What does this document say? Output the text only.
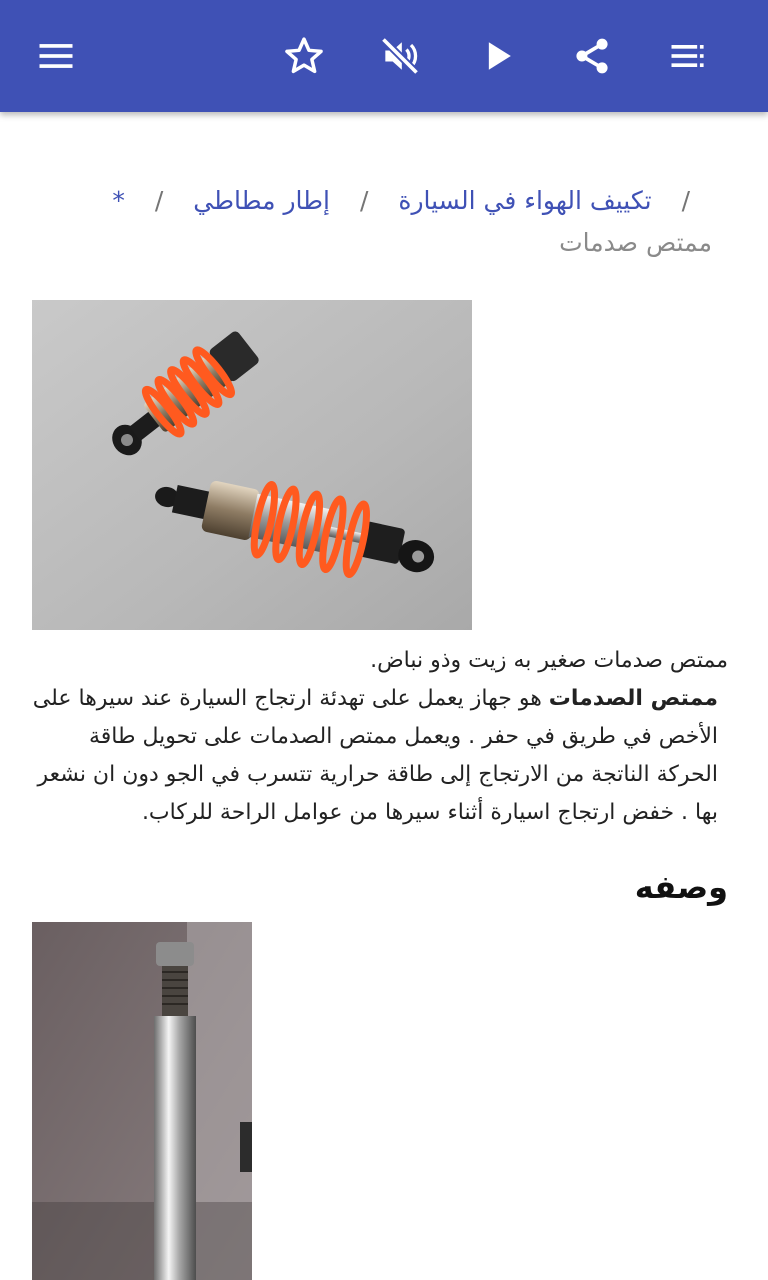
/ تكييف الهواء في السيارة / إطار مطاطي / *
ممتص صدمات
ممتص صدمات صغير به زيت وذو نباض.
ممتص الصدمات هو جهاز يعمل على تهدئة ارتجاج السيارة عند سيرها على الأخص في طريق في حفر . ويعمل ممتص الصدمات على تحويل طاقة الحركة الناتجة من الارتجاج إلى طاقة حرارية تتسرب في الجو دون ان نشعر بها . خفض ارتجاج اسيارة أثناء سيرها من عوامل الراحة للركاب.
وصفه
